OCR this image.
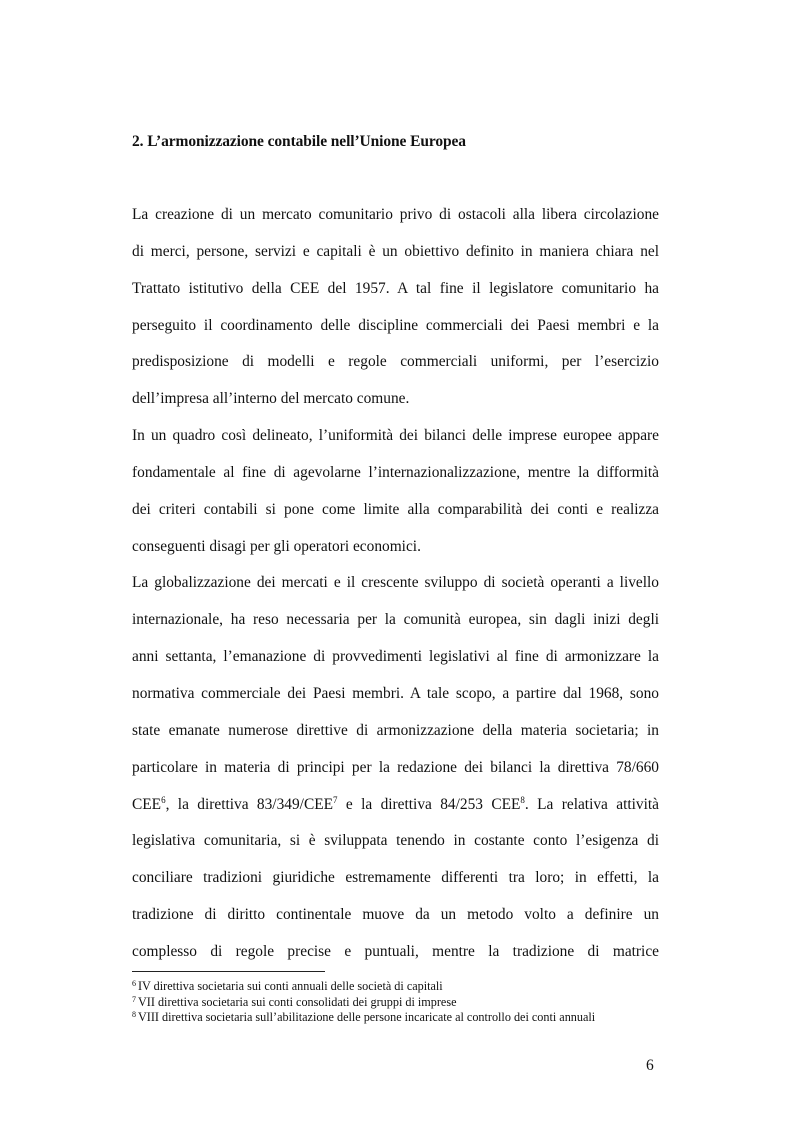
2. L’armonizzazione contabile nell’Unione Europea
La creazione di un mercato comunitario privo di ostacoli alla libera circolazione
di merci, persone, servizi e capitali è un obiettivo definito in maniera chiara nel
Trattato istitutivo della CEE del 1957. A tal fine il legislatore comunitario ha
perseguito il coordinamento delle discipline commerciali dei Paesi membri e la
predisposizione di modelli e regole commerciali uniformi, per l’esercizio
dell’impresa all’interno del mercato comune.
In un quadro così delineato, l’uniformità dei bilanci delle imprese europee appare
fondamentale al fine di agevolarne l’internazionalizzazione, mentre la difformità
dei criteri contabili si pone come limite alla comparabilità dei conti e realizza
conseguenti disagi per gli operatori economici.
La globalizzazione dei mercati e il crescente sviluppo di società operanti a livello
internazionale, ha reso necessaria per la comunità europea, sin dagli inizi degli
anni settanta, l’emanazione di provvedimenti legislativi al fine di armonizzare la
normativa commerciale dei Paesi membri. A tale scopo, a partire dal 1968, sono
state emanate numerose direttive di armonizzazione della materia societaria; in
particolare in materia di principi per la redazione dei bilanci la direttiva 78/660
CEE$^6$, la direttiva 83/349/CEE$^7$ e la direttiva 84/253 CEE$^8$. La relativa attività
legislativa comunitaria, si è sviluppata tenendo in costante conto l’esigenza di
conciliare tradizioni giuridiche estremamente differenti tra loro; in effetti, la
tradizione di diritto continentale muove da un metodo volto a definire un
complesso di regole precise e puntuali, mentre la tradizione di matrice
$^6$ IV direttiva societaria sui conti annuali delle società di capitali
$^7$ VII direttiva societaria sui conti consolidati dei gruppi di imprese
$^8$ VIII direttiva societaria sull’abilitazione delle persone incaricate al controllo dei conti annuali
6
